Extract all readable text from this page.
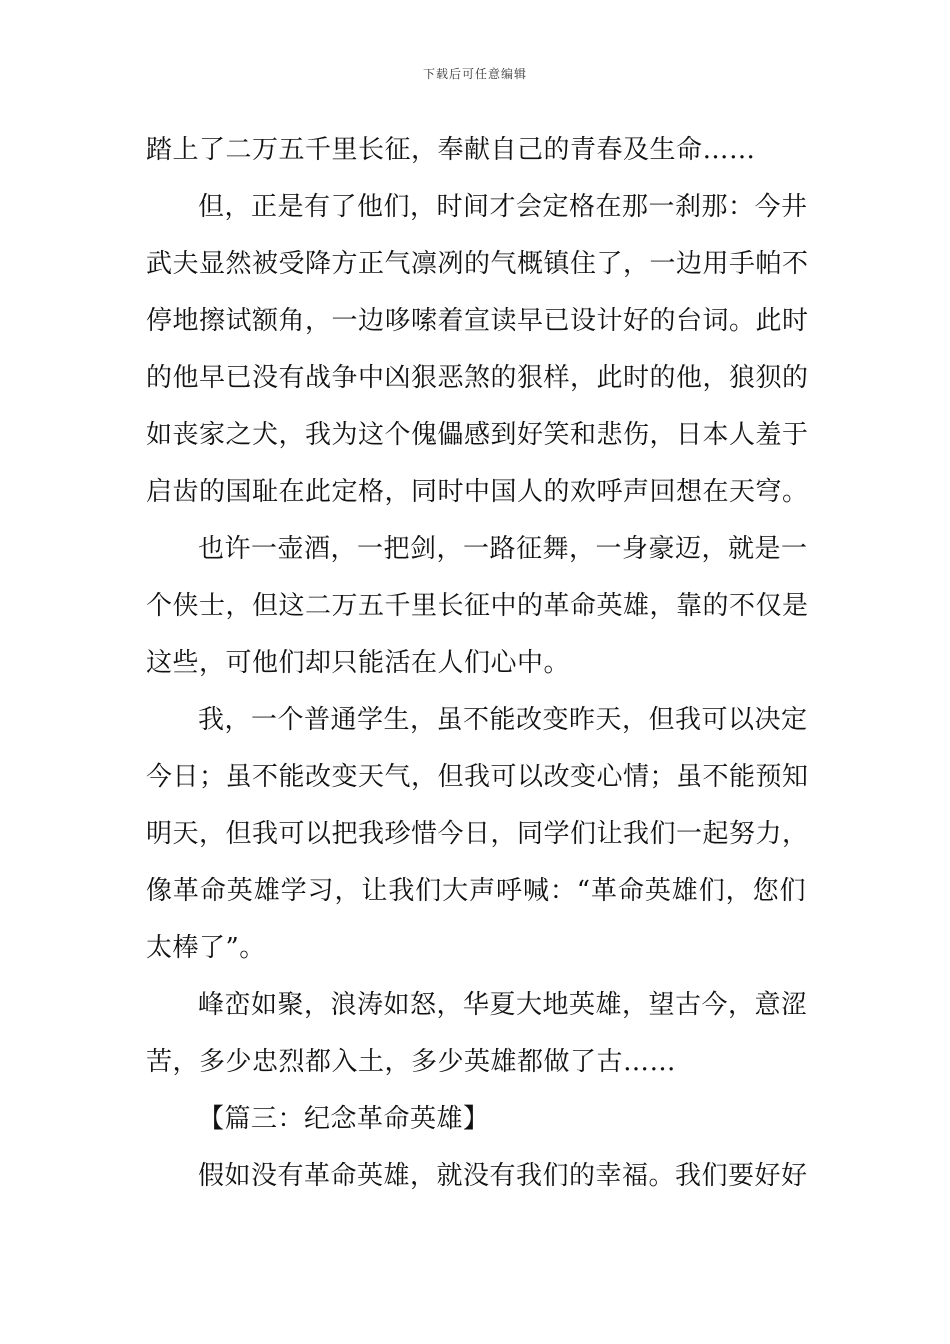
下载后可任意编辑
踏上了二万五千里长征，奉献自己的青春及生命……
但，正是有了他们，时间才会定格在那一刹那：今井
武夫显然被受降方正气凛冽的气概镇住了，一边用手帕不
停地擦试额角，一边哆嗦着宣读早已设计好的台词。此时
的他早已没有战争中凶狠恶煞的狠样，此时的他，狼狈的
如丧家之犬，我为这个傀儡感到好笑和悲伤，日本人羞于
启齿的国耻在此定格，同时中国人的欢呼声回想在天穹。
也许一壶酒，一把剑，一路征舞，一身豪迈，就是一
个侠士，但这二万五千里长征中的革命英雄，靠的不仅是
这些，可他们却只能活在人们心中。
我，一个普通学生，虽不能改变昨天，但我可以决定
今日；虽不能改变天气，但我可以改变心情；虽不能预知
明天，但我可以把我珍惜今日，同学们让我们一起努力，
像革命英雄学习，让我们大声呼喊：“革命英雄们，您们
太棒了”。
峰峦如聚，浪涛如怒，华夏大地英雄，望古今，意涩
苦，多少忠烈都入土，多少英雄都做了古……
【篇三：纪念革命英雄】
假如没有革命英雄，就没有我们的幸福。我们要好好
